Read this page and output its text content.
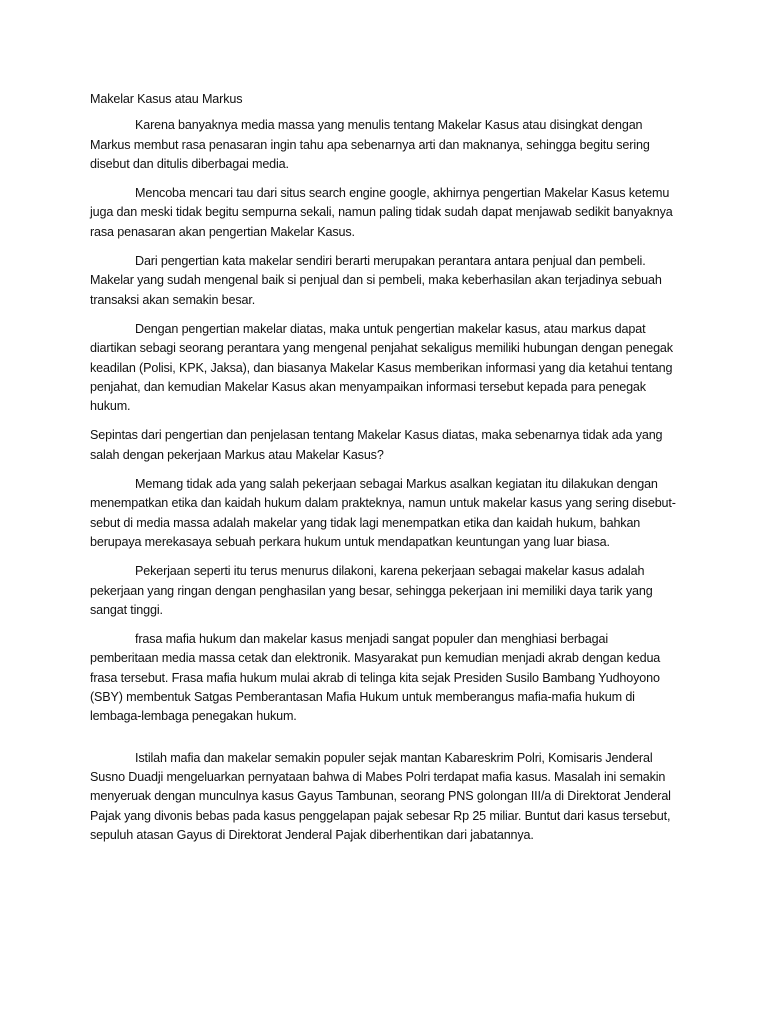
Makelar Kasus atau Markus

Karena banyaknya media massa yang menulis tentang Makelar Kasus atau disingkat dengan Markus membut rasa penasaran ingin tahu apa sebenarnya arti dan maknanya, sehingga begitu sering disebut dan ditulis diberbagai media.

Mencoba mencari tau dari situs search engine google, akhirnya pengertian Makelar Kasus ketemu juga dan meski tidak begitu sempurna sekali, namun paling tidak sudah dapat menjawab sedikit banyaknya rasa penasaran akan pengertian Makelar Kasus.

Dari pengertian kata makelar sendiri berarti merupakan perantara antara penjual dan pembeli. Makelar yang sudah mengenal baik si penjual dan si pembeli, maka keberhasilan akan terjadinya sebuah transaksi akan semakin besar.

Dengan pengertian makelar diatas, maka untuk pengertian makelar kasus, atau markus dapat diartikan sebagi seorang perantara yang mengenal penjahat sekaligus memiliki hubungan dengan penegak keadilan (Polisi, KPK, Jaksa), dan biasanya Makelar Kasus memberikan informasi yang dia ketahui tentang penjahat, dan kemudian Makelar Kasus akan menyampaikan informasi tersebut kepada para penegak hukum.

Sepintas dari pengertian dan penjelasan tentang Makelar Kasus diatas, maka sebenarnya tidak ada yang salah dengan pekerjaan Markus atau Makelar Kasus?

Memang tidak ada yang salah pekerjaan sebagai Markus asalkan kegiatan itu dilakukan dengan menempatkan etika dan kaidah hukum dalam prakteknya, namun untuk makelar kasus yang sering disebut-sebut di media massa adalah makelar yang tidak lagi menempatkan etika dan kaidah hukum, bahkan berupaya merekasaya sebuah perkara hukum untuk mendapatkan keuntungan yang luar biasa.

Pekerjaan seperti itu terus menurus dilakoni, karena pekerjaan sebagai makelar kasus adalah pekerjaan yang ringan dengan penghasilan yang besar, sehingga pekerjaan ini memiliki daya tarik yang sangat tinggi.

frasa mafia hukum dan makelar kasus menjadi sangat populer dan menghiasi berbagai pemberitaan media massa cetak dan elektronik. Masyarakat pun kemudian menjadi akrab dengan kedua frasa tersebut. Frasa mafia hukum mulai akrab di telinga kita sejak Presiden Susilo Bambang Yudhoyono (SBY) membentuk Satgas Pemberantasan Mafia Hukum untuk memberangus mafia-mafia hukum di lembaga-lembaga penegakan hukum.

Istilah mafia dan makelar semakin populer sejak mantan Kabareskrim Polri, Komisaris Jenderal Susno Duadji mengeluarkan pernyataan bahwa di Mabes Polri terdapat mafia kasus. Masalah ini semakin menyeruak dengan munculnya kasus Gayus Tambunan, seorang PNS golongan III/a di Direktorat Jenderal Pajak yang divonis bebas pada kasus penggelapan pajak sebesar Rp 25 miliar. Buntut dari kasus tersebut, sepuluh atasan Gayus di Direktorat Jenderal Pajak diberhentikan dari jabatannya.
